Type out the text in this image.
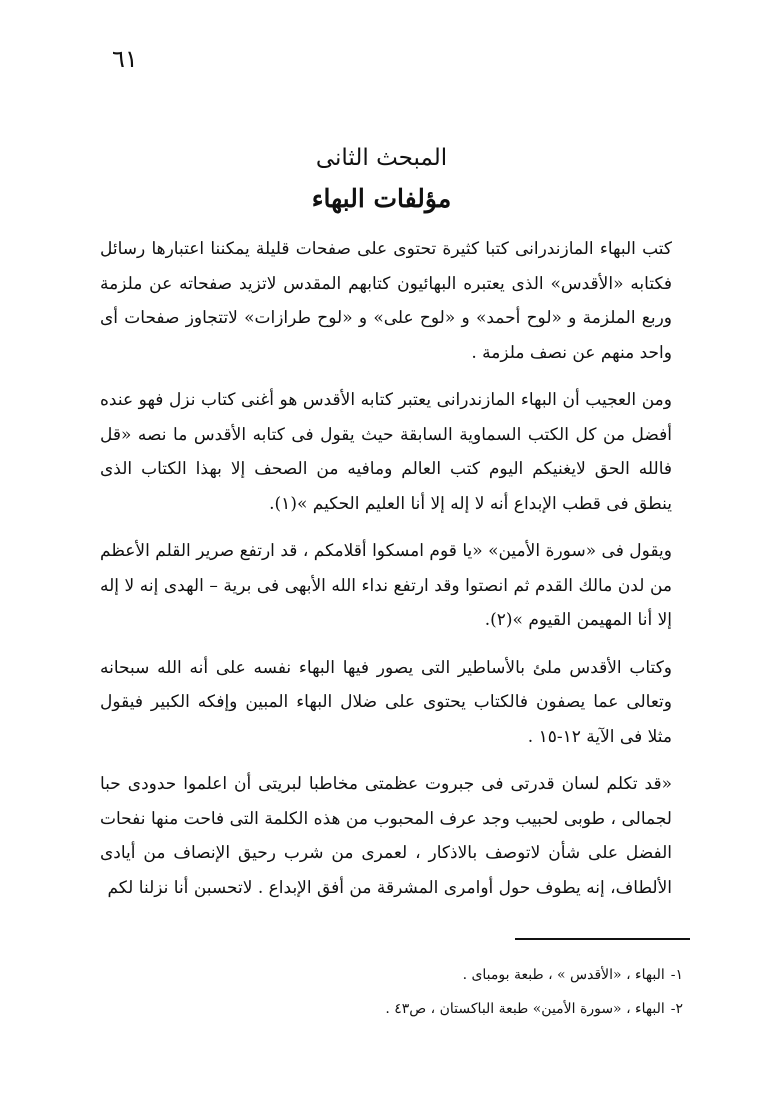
٦١
المبحث الثانى
مؤلفات البهاء

كتب البهاء المازندرانى كتبا كثيرة تحتوى على صفحات قليلة يمكننا اعتبارها رسائل فكتابه «الأقدس» الذى يعتبره البهائيون كتابهم المقدس لاتزيد صفحاته عن ملزمة وربع الملزمة و «لوح أحمد» و «لوح على» و «لوح طرازات» لاتتجاوز صفحات أى واحد منهم عن نصف ملزمة .

ومن العجيب أن البهاء المازندرانى يعتبر كتابه الأقدس هو أغنى كتاب نزل فهو عنده أفضل من كل الكتب السماوية السابقة حيث يقول فى كتابه الأقدس ما نصه «قل فالله الحق لايغنيكم اليوم كتب العالم ومافيه من الصحف إلا بهذا الكتاب الذى ينطق فى قطب الإبداع أنه لا إله إلا أنا العليم الحكيم »(١).

ويقول فى «سورة الأمين» «يا قوم امسكوا أقلامكم ، قد ارتفع صرير القلم الأعظم من لدن مالك القدم ثم انصتوا وقد ارتفع نداء الله الأبهى فى برية – الهدى إنه لا إله إلا أنا المهيمن القيوم »(٢).

وكتاب الأقدس ملئ بالأساطير التى يصور فيها البهاء نفسه على أنه الله سبحانه وتعالى عما يصفون فالكتاب يحتوى على ضلال البهاء المبين وإفكه الكبير فيقول مثلا فى الآية ١٢-١٥ .

«قد تكلم لسان قدرتى فى جبروت عظمتى مخاطبا لبريتى أن اعلموا حدودى حبا لجمالى ، طوبى لحبيب وجد عرف المحبوب من هذه الكلمة التى فاحت منها نفحات الفضل على شأن لاتوصف بالاذكار ، لعمرى من شرب رحيق الإنصاف من أيادى الألطاف، إنه يطوف حول أوامرى المشرقة من أفق الإبداع . لاتحسبن أنا نزلنا لكم

١-البهاء ، «الأقدس » ، طبعة بومباى .
٢-البهاء ، «سورة الأمين» طبعة الباكستان ، ص٤٣ .
